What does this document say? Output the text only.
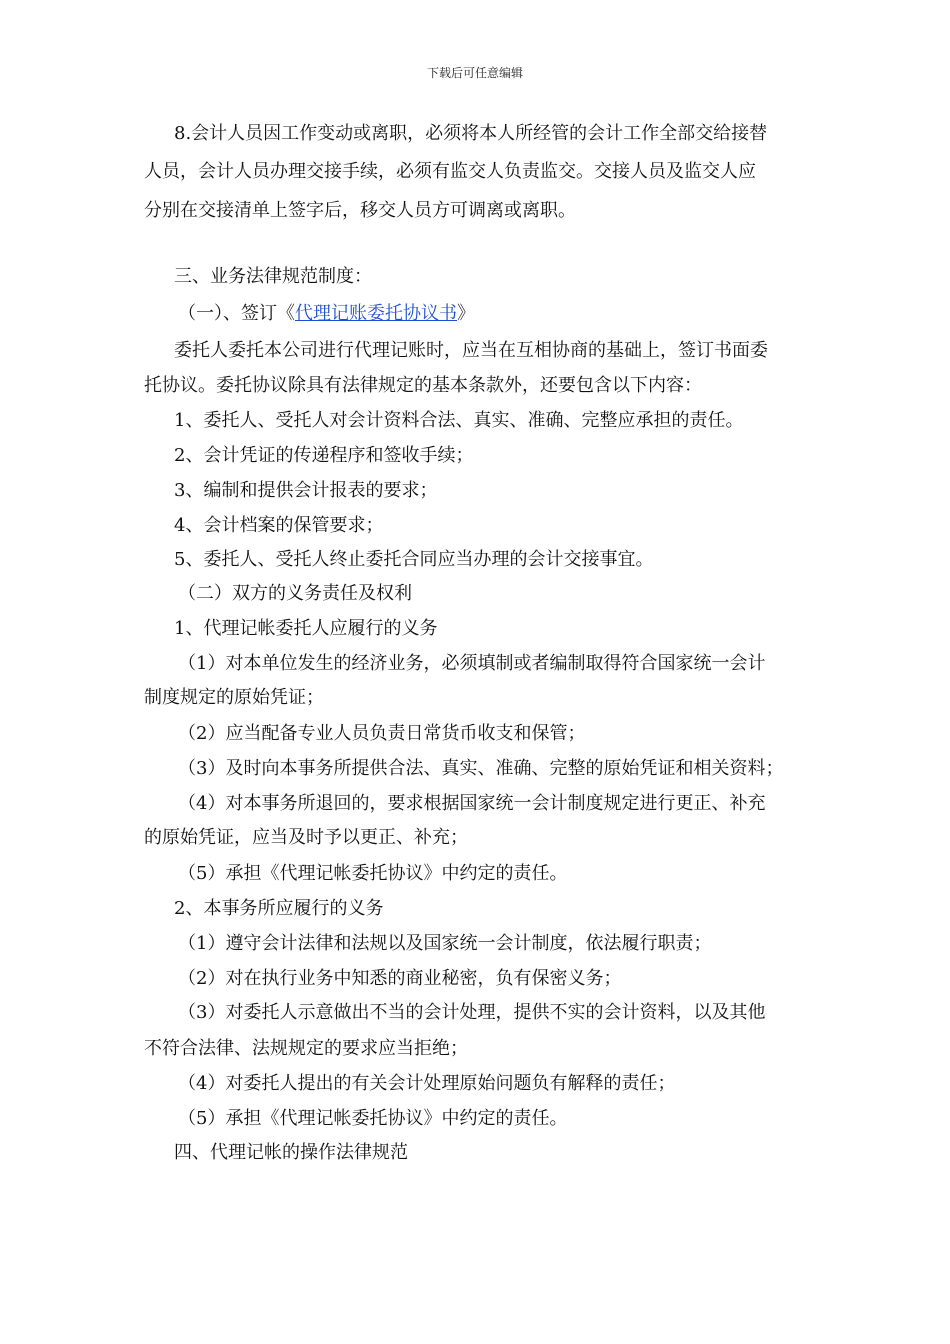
下载后可任意编辑
8.会计人员因工作变动或离职，必须将本人所经管的会计工作全部交给接替
人员，会计人员办理交接手续，必须有监交人负责监交。交接人员及监交人应
分别在交接清单上签字后，移交人员方可调离或离职。
三、业务法律规范制度：
（一）、签订《代理记账委托协议书》
委托人委托本公司进行代理记账时，应当在互相协商的基础上，签订书面委
托协议。委托协议除具有法律规定的基本条款外，还要包含以下内容：
1、委托人、受托人对会计资料合法、真实、准确、完整应承担的责任。
2、会计凭证的传递程序和签收手续；
3、编制和提供会计报表的要求；
4、会计档案的保管要求；
5、委托人、受托人终止委托合同应当办理的会计交接事宜。
（二）双方的义务责任及权利
1、代理记帐委托人应履行的义务
（1）对本单位发生的经济业务，必须填制或者编制取得符合国家统一会计
制度规定的原始凭证；
（2）应当配备专业人员负责日常货币收支和保管；
（3）及时向本事务所提供合法、真实、准确、完整的原始凭证和相关资料；
（4）对本事务所退回的，要求根据国家统一会计制度规定进行更正、补充
的原始凭证，应当及时予以更正、补充；
（5）承担《代理记帐委托协议》中约定的责任。
2、本事务所应履行的义务
（1）遵守会计法律和法规以及国家统一会计制度，依法履行职责；
（2）对在执行业务中知悉的商业秘密，负有保密义务；
（3）对委托人示意做出不当的会计处理，提供不实的会计资料，以及其他
不符合法律、法规规定的要求应当拒绝；
（4）对委托人提出的有关会计处理原始问题负有解释的责任；
（5）承担《代理记帐委托协议》中约定的责任。
四、代理记帐的操作法律规范
